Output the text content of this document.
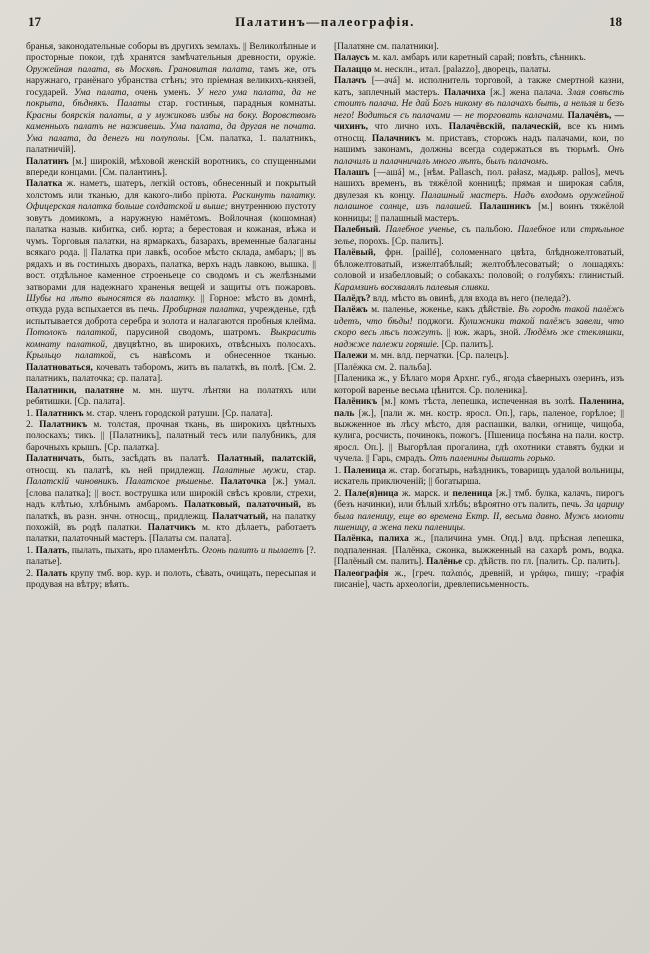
17	Палатинъ—палеографія.	18

бранья, законодательные соборы въ другихъ землахъ. || Великолѣпные и просторные покои, гдѣ хранятся замѣчательныя древности, оружіе. Оружейная палата, въ Москвѣ. Грановитая палата, тамъ же, отъ наружнаго, гранёнаго убранства стѣнъ; это пріемная великихъ-князей, государей. Ума палата, очень уменъ. У него ума палата, да не покрыта, бѣднякъ. Палаты стар. гостиныя, парадныя комнаты. Красны боярскія палаты, а у мужиковъ избы на боку. Воровствомъ каменныхъ палатъ не наживешь. Ума палата, да другая не почата. Ума палата, да денегъ ни полуполы. [См. палатка, 1. палатникъ, палатничій].

Палатинъ [м.] широкій, мѣховой женскій воротникъ, со спущенными впереди концами. [См. палантинъ].

Палатка ж. наметъ, шатеръ, легкій остовъ, обнесенный и покрытый холстомъ или тканью, для какого-либо пріюта. Раскинуть палатку. Офицерская палатка больше солдатской и выше; внутреннюю пустоту зовутъ домикомъ, а наружную намётомъ. Войлочная (кошомная) палатка назыв. кибитка, сиб. юрта; а берестовая и кожаная, вѣжа и чумъ. Торговыя палатки, на ярмаркахъ, базарахъ, временные балаганы всякаго рода. || Палатка при лавкѣ, особое мѣсто склада, амбаръ; || въ рядахъ и въ гостиныхъ дворахъ, палатка, верхъ надъ лавкою, вышка. || вост. отдѣльное каменное строеньеце со сводомъ и съ желѣзными затворами для надежнаго храненья вещей и защиты отъ пожаровъ. Шубы на лѣто выносятся въ палатку. || Горное: мѣсто въ домнѣ, откуда руда вспыхается въ печь. Пробирная палатка, учрежденье, гдѣ испытывается доброта серебра и золота и налагаются пробныя клейма. Потолокъ палаткой, парусиной сводомъ, шатромъ. Выкрасить комнату палаткой, двуцвѣтно, въ широкихъ, отвѣсныхъ полосахъ. Крыльцо палаткой, съ навѣсомъ и обнесенное тканью. Палатноваться, кочевать таборомъ, жить въ палаткѣ, въ полѣ. [См. 2. палатникъ, палаточка; ср. палата].

Палатники, палатяне м. мн. шутч. лѣнтяи на полатяхъ или ребятишки. [Ср. палата].

1. Палатникъ м. стар. членъ городской ратуши. [Ср. палата].

2. Палатникъ м. толстая, прочная ткань, въ широкихъ цвѣтныхъ полоскахъ; тикъ. || [Палатникъ], палатный тесъ или палубникъ, для барочныхъ крышъ. [Ср. палатка].

Палатничать, быть, засѣдать въ палатѣ. Палатный, палатскій, относщ. къ палатѣ, къ ней придлежщ. Палатные мужи, стар. Палатскій чиновникъ. Палатское рѣшенье. Палаточка [ж.] умал. [слова палатка]; || вост. вострушка или широкій свѣсъ кровли, стрехи, надъ клѣтью, хлѣбнымъ амбаромъ. Палатковый, палаточный, въ палаткѣ, въ разн. знчн. относщ., придлежщ. Палатчатый, на палатку похожій, въ родѣ палатки. Палатчикъ м. кто дѣлаетъ, работаетъ палатки, палаточный мастеръ. [Палаты см. палата].

1. Палать, пылать, пыхать, яро пламенѣть. Огонь палитъ и пылаетъ [?. палатье].

2. Палать крупу тмб. вор. кур. и полоть, сѣвать, очищать, пересыпая и продувая на вѣтру; вѣять.

[Палатяне см. палатники].

Палаусъ м. кал. амбаръ или каретный сарай; повѣть, сѣнникъ.

Палаццо м. несклн., итал. [palazzo], дворецъ, палаты.

Палачъ [—ачá] м. исполнитель торговой, а также смертной казни, катъ, заплечный мастеръ. Палачиха [ж.] жена палача. Злая совѣсть стоитъ палача. Не дай Богъ никому въ палачахъ быть, а нельзя и безъ него! Водиться съ палачами — не торговать калачами. Палачёвъ, —чихинъ, что лично ихъ. Палачёвскій, палаческій, все къ нимъ относщ. Палачникъ м. приставъ, сторожъ надъ палачами, кои, по нашимъ законамъ, должны всегда содержаться въ тюрьмѣ. Онъ палачилъ и палачничалъ много лѣтъ, былъ палачомъ.

Палашъ [—ашá] м., [нѣм. Pallasch, пол. pałasz, мадьяр. pallos], мечъ нашихъ временъ, въ тяжёлой конницѣ; прямая и широкая сабля, двулезая къ концу. Палашный мастеръ. Надъ входомъ оружейной палашное солнце, изъ палашей. Палашникъ [м.] воинъ тяжёлой конницы; || палашный мастеръ.

Палебный. Палебное ученье, съ пальбою. Палебное или стрѣльное зелье, порохъ. [Ср. палить].

Палёвый, фрн. [paillé], соломеннаго цвѣта, блѣдножелтоватый, бѣложелтоватый, изжелтабѣлый; желтобѣлесоватый; о лошадяхъ: соловой и изабелловый; о собакахъ: половой; о голубяхъ: глинистый. Карамзинъ восхвалялъ палевыя сливки.

Палёдъ? влд. мѣсто въ овинѣ, для входа въ него (пеледа?).

Палёжъ м. паленье, жженье, какъ дѣйствіе. Въ городѣ такой палёжъ идетъ, что бѣды! поджоги. Кулижники такой палёжъ завели, что скоро весь лѣсъ пожгутъ. || юж. жаръ, зной. Людёмъ же стекляшки, наджже палежи горяшіе. [Ср. палить].

Палежи м. мн. влд. перчатки. [Ср. палецъ].

[Палёжка см. 2. пальба].

[Паленика ж., у Бѣлаго моря Архнг. губ., ягода сѣверныхъ озеринъ, изъ которой варенье весьма цѣнится. Ср. поленика].

Палёникъ [м.] комъ тѣста, лепешка, испеченная въ золѣ. Паленина, паль [ж.], [пали ж. мн. костр. яросл. Оп.], гарь, паленое, горѣлое; || выжженное въ лѣсу мѣсто, для распашки, валки, огнище, чищоба, кулига, росчисть, починокъ, пожогъ. [Пшеница посѣяна на пали. костр. яросл. Оп.]. || Выгорѣлая прогалина, гдѣ охотники ставятъ будки и чучела. || Гарь, смрадъ. Отъ паленины дышать горько.

1. Паленица ж. стар. богатырь, наѣздникъ, товарищъ удалой вольницы, искатель приключеній; || богатырша.

2. Пале(я)ница ж. марск. и пеленица [ж.] тмб. булка, калачъ, пирогъ (безъ начинки), или бѣлый хлѣбъ; вѣроятно отъ палить, печь. За царицу была паленицу, еще во времена Ектр. II, весьма давно. Мужъ молоти пшеницу, а жена пеки паленицы.

Палёнка, палиха ж., [паличина умн. Опд.] влд. прѣсная лепешка, подпаленная. [Палёнка, сжонка, выжженный на сахарѣ ромъ, водка. [Палёный см. палить]. Палёнье ср. дѣйств. по гл. [палить. Ср. палить].

Палеографія ж., [греч. παλαιός, древній, и γράφω, пишу; -графія писаніе], часть археологіи, древлеписьменность.
